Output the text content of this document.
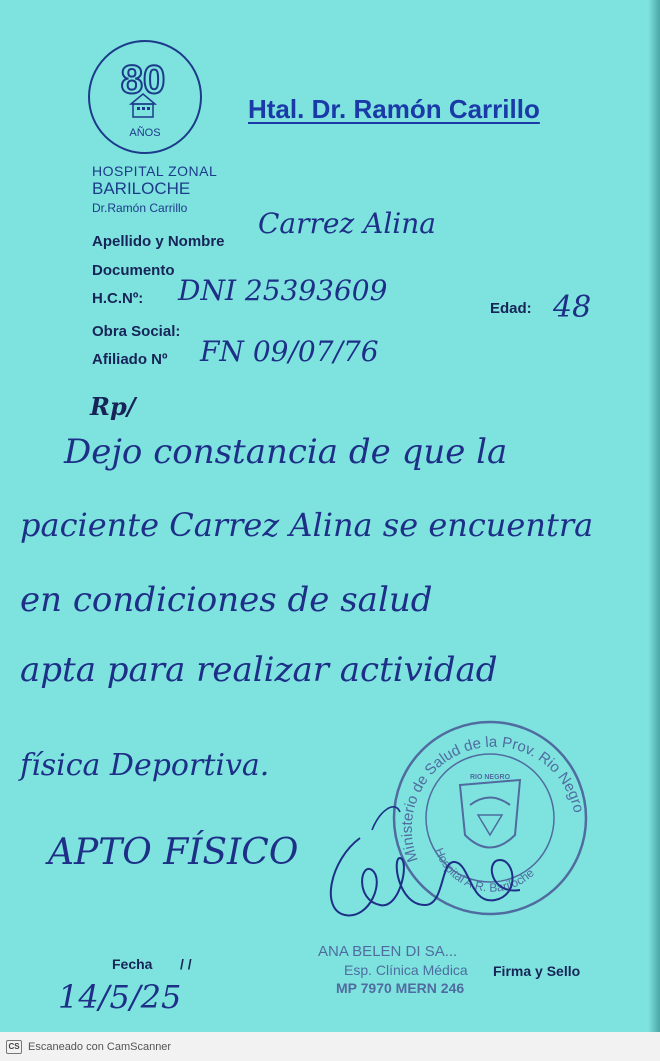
80
AÑOS
Ministerio de Salud de la Prov. Rio Negro
Hospital A.R. Bariloche
RIO NEGRO
Htal. Dr. Ramón Carrillo
HOSPITAL ZONAL
BARILOCHE
Dr.Ramón Carrillo
Apellido y Nombre
Documento
H.C.Nº:
Edad:
Obra Social:
Afiliado Nº
Carrez Alina
DNI 25393609	48
FN 09/07/76
Rp/
Dejo constancia de que la
paciente Carrez Alina se encuentra
en condiciones de salud
apta para realizar actividad
física Deportiva.
APTO FÍSICO
ANA BELEN DI SA...
Esp. Clínica Médica
MP 7970 MERN 246
Fecha / /
14/5/25
Firma y Sello
CS Escaneado con CamScanner
